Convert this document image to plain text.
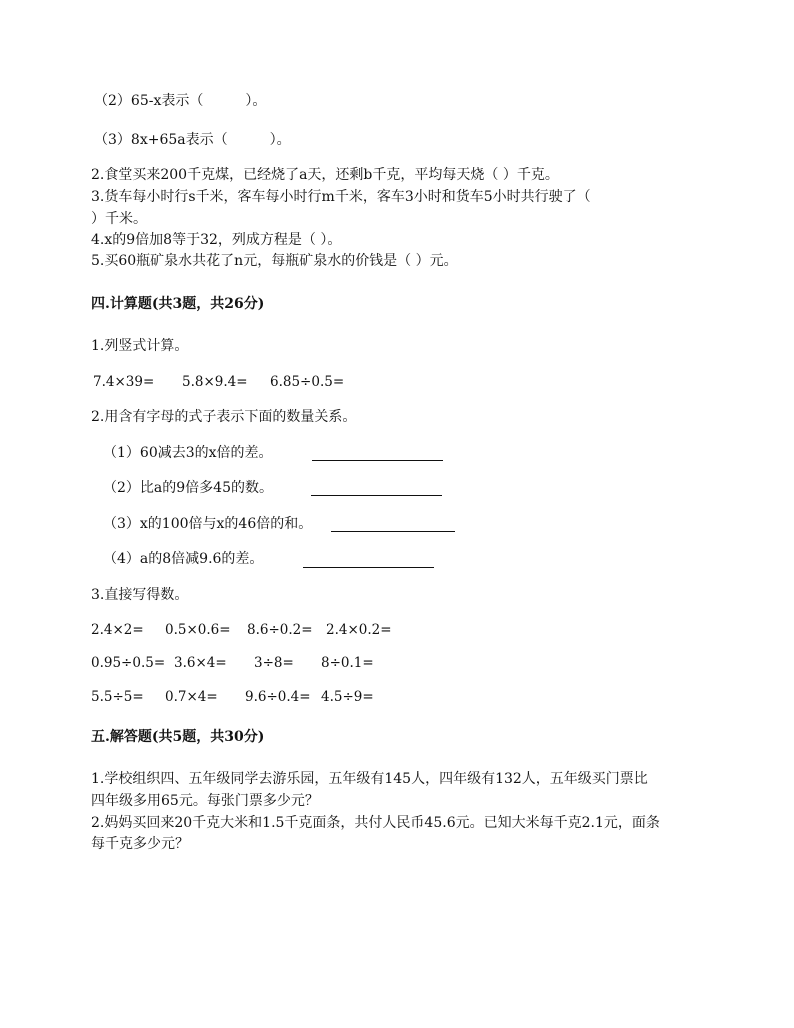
（2）65-x表示（　　　）。
（3）8x+65a表示（　　　）。
2.食堂买来200千克煤，已经烧了a天，还剩b千克，平均每天烧（ ）千克。
3.货车每小时行s千米，客车每小时行m千米，客车3小时和货车5小时共行驶了（
）千米。
4.x的9倍加8等于32，列成方程是（ ）。
5.买60瓶矿泉水共花了n元，每瓶矿泉水的价钱是（ ）元。
四.计算题(共3题，共26分)
1.列竖式计算。
7.4×39= 5.8×9.4= 6.85÷0.5=
2.用含有字母的式子表示下面的数量关系。
（1）60减去3的x倍的差。
（2）比a的9倍多45的数。
（3）x的100倍与x的46倍的和。
（4）a的8倍减9.6的差。
3.直接写得数。
2.4×2= 0.5×0.6= 8.6÷0.2= 2.4×0.2=
0.95÷0.5= 3.6×4= 3÷8= 8÷0.1=
5.5÷5= 0.7×4= 9.6÷0.4= 4.5÷9=
五.解答题(共5题，共30分)
1.学校组织四、五年级同学去游乐园，五年级有145人，四年级有132人，五年级买门票比
四年级多用65元。每张门票多少元？
2.妈妈买回来20千克大米和1.5千克面条，共付人民币45.6元。已知大米每千克2.1元，面条
每千克多少元？
